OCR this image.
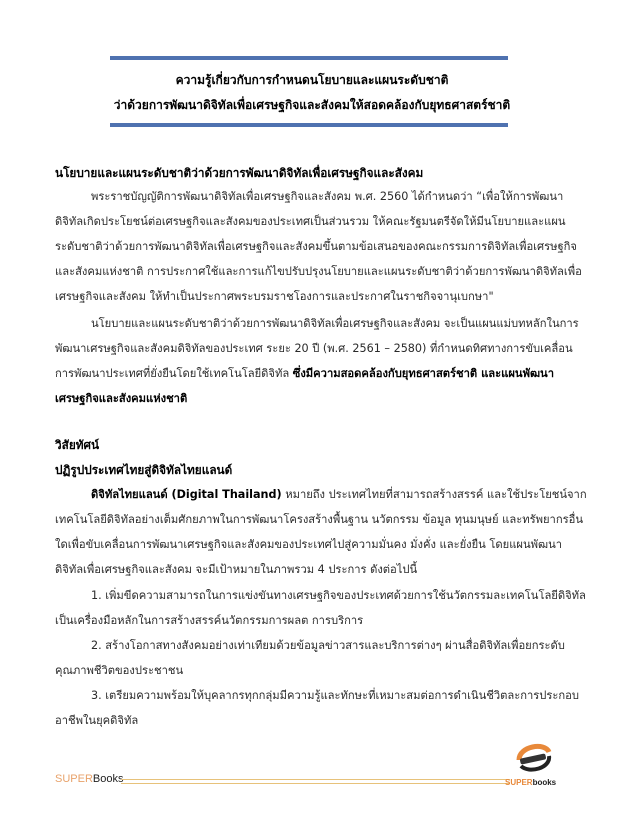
ความรู้เกี่ยวกับการกำหนดนโยบายและแผนระดับชาติ
ว่าด้วยการพัฒนาดิจิทัลเพื่อเศรษฐกิจและสังคมให้สอดคล้องกับยุทธศาสตร์ชาติ
นโยบายและแผนระดับชาติว่าด้วยการพัฒนาดิจิทัลเพื่อเศรษฐกิจและสังคม
พระราชบัญญัติการพัฒนาดิจิทัลเพื่อเศรษฐกิจและสังคม พ.ศ. 2560 ได้กำหนดว่า “เพื่อให้การพัฒนา
ดิจิทัลเกิดประโยชน์ต่อเศรษฐกิจและสังคมของประเทศเป็นส่วนรวม ให้คณะรัฐมนตรีจัดให้มีนโยบายและแผน
ระดับชาติว่าด้วยการพัฒนาดิจิทัลเพื่อเศรษฐกิจและสังคมขึ้นตามข้อเสนอของคณะกรรมการดิจิทัลเพื่อเศรษฐกิจ
และสังคมแห่งชาติ การประกาศใช้และการแก้ไขปรับปรุงนโยบายและแผนระดับชาติว่าด้วยการพัฒนาดิจิทัลเพื่อ
เศรษฐกิจและสังคม ให้ทำเป็นประกาศพระบรมราชโองการและประกาศในราชกิจจานุเบกษา"
นโยบายและแผนระดับชาติว่าด้วยการพัฒนาดิจิทัลเพื่อเศรษฐกิจและสังคม จะเป็นแผนแม่บทหลักในการ
พัฒนาเศรษฐกิจและสังคมดิจิทัลของประเทศ ระยะ 20 ปี (พ.ศ. 2561 – 2580) ที่กำหนดทิศทางการขับเคลื่อน
การพัฒนาประเทศที่ยั่งยืนโดยใช้เทคโนโลยีดิจิทัล ซึ่งมีความสอดคล้องกับยุทธศาสตร์ชาติ และแผนพัฒนา
เศรษฐกิจและสังคมแห่งชาติ
วิสัยทัศน์
ปฏิรูปประเทศไทยสู่ดิจิทัลไทยแลนด์
ดิจิทัลไทยแลนด์ (Digital Thailand) หมายถึง ประเทศไทยที่สามารถสร้างสรรค์ และใช้ประโยชน์จาก
เทคโนโลยีดิจิทัลอย่างเต็มศักยภาพในการพัฒนาโครงสร้างพื้นฐาน นวัตกรรม ข้อมูล ทุนมนุษย์ และทรัพยากรอื่น
ใดเพื่อขับเคลื่อนการพัฒนาเศรษฐกิจและสังคมของประเทศไปสู่ความมั่นคง มั่งคั่ง และยั่งยืน โดยแผนพัฒนา
ดิจิทัลเพื่อเศรษฐกิจและสังคม จะมีเป้าหมายในภาพรวม 4 ประการ ดังต่อไปนี้
1. เพิ่มขีดความสามารถในการแข่งขันทางเศรษฐกิจของประเทศด้วยการใช้นวัตกรรมละเทคโนโลยีดิจิทัล
เป็นเครื่องมือหลักในการสร้างสรรค์นวัตกรรมการผลต การบริการ
2. สร้างโอกาสทางสังคมอย่างเท่าเทียมด้วยข้อมูลข่าวสารและบริการต่างๆ ผ่านสื่อดิจิทัลเพื่อยกระดับ
คุณภาพชีวิตของประชาชน
3. เตรียมความพร้อมให้บุคลากรทุกกลุ่มมีความรู้และทักษะที่เหมาะสมต่อการดำเนินชีวิตละการประกอบ
อาชีพในยุคดิจิทัล
SUPERBooks	SUPERbooks
